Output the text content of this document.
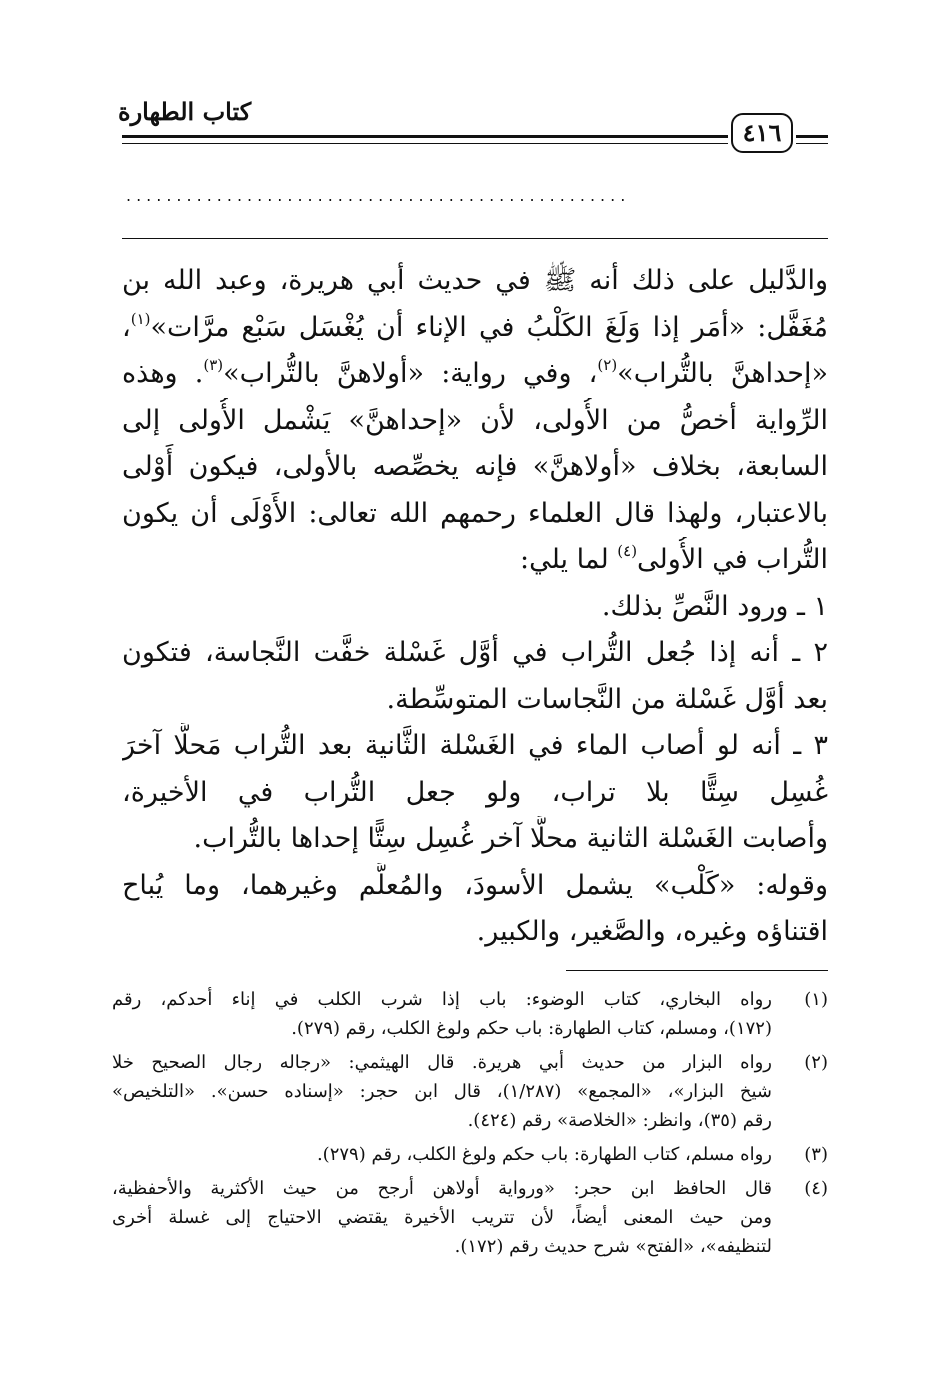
كتاب الطهارة
٤١٦
..................................................
والدَّليل على ذلك أنه ﷺ في حديث أبي هريرة، وعبد الله بن
مُغَفَّل: «أمَر إذا وَلَغَ الكَلْبُ في الإناء أن يُغْسَل سَبْع مرَّات»$^{(١)}$،
«إحداهنَّ بالتُّراب»$^{(٢)}$، وفي رواية: «أولاهنَّ بالتُّراب»$^{(٣)}$. وهذه
الرِّواية أخصُّ من الأُولى، لأن «إحداهنَّ» يَشْمل الأُولى إلى
السابعة، بخلاف «أولاهنَّ» فإنه يخصِّصه بالأولى، فيكون أَوْلى
بالاعتبار، ولهذا قال العلماء رحمهم الله تعالى: الأَوْلَى أن يكون
التُّراب في الأُولى$^{(٤)}$ لما يلي:
١ ـ ورود النَّصِّ بذلك.
٢ ـ أنه إذا جُعل التُّراب في أوَّل غَسْلة خفَّت النَّجاسة، فتكون
بعد أوَّل غَسْلة من النَّجاسات المتوسِّطة.
٣ ـ أنه لو أصاب الماء في الغَسْلة الثَّانية بعد التُّراب مَحلًّا آخرَ
غُسِل سِتًّا بلا تراب، ولو جعل التُّراب في الأخيرة،
وأصابت الغَسْلة الثانية محلًّا آخر غُسِل سِتًّا إحداها بالتُّراب.
وقوله: «كَلْب» يشمل الأسودَ، والمُعلَّم وغيرهما، وما يُباح
اقتناؤه وغيره، والصَّغير، والكبير.
(١)
رواه البخاري، كتاب الوضوء: باب إذا شرب الكلب في إناء أحدكم، رقم
(١٧٢)، ومسلم، كتاب الطهارة: باب حكم ولوغ الكلب، رقم (٢٧٩).
(٢)
رواه البزار من حديث أبي هريرة. قال الهيثمي: «رجاله رجال الصحيح خلا
شيخ البزار»، «المجمع» (١/٢٨٧)، قال ابن حجر: «إسناده حسن». «التلخيص»
رقم (٣٥)، وانظر: «الخلاصة» رقم (٤٢٤).
(٣)
رواه مسلم، كتاب الطهارة: باب حكم ولوغ الكلب، رقم (٢٧٩).
(٤)
قال الحافظ ابن حجر: «ورواية أولاهن أرجح من حيث الأكثرية والأحفظية،
ومن حيث المعنى أيضاً، لأن تتريب الأخيرة يقتضي الاحتياج إلى غسلة أخرى
لتنظيفه»، «الفتح» شرح حديث رقم (١٧٢).
